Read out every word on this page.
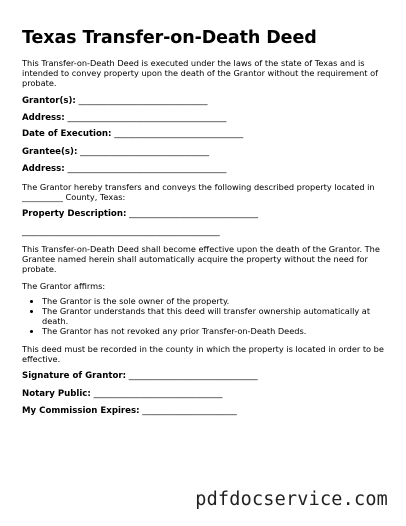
Texas Transfer-on-Death Deed
This Transfer-on-Death Deed is executed under the laws of the state of Texas and is intended to convey property upon the death of the Grantor without the requirement of probate.
Grantor(s): ______________________________
Address: _____________________________________
Date of Execution: ______________________________
Grantee(s): ______________________________
Address: _____________________________________
The Grantor hereby transfers and conveys the following described property located in __________ County, Texas:
Property Description: ______________________________
______________________________________________
This Transfer-on-Death Deed shall become effective upon the death of the Grantor. The Grantee named herein shall automatically acquire the property without the need for probate.
The Grantor affirms:
• The Grantor is the sole owner of the property.
• The Grantor understands that this deed will transfer ownership automatically at death.
• The Grantor has not revoked any prior Transfer-on-Death Deeds.
This deed must be recorded in the county in which the property is located in order to be effective.
Signature of Grantor: ______________________________
Notary Public: ______________________________
My Commission Expires: ______________________
pdfdocservice.com
